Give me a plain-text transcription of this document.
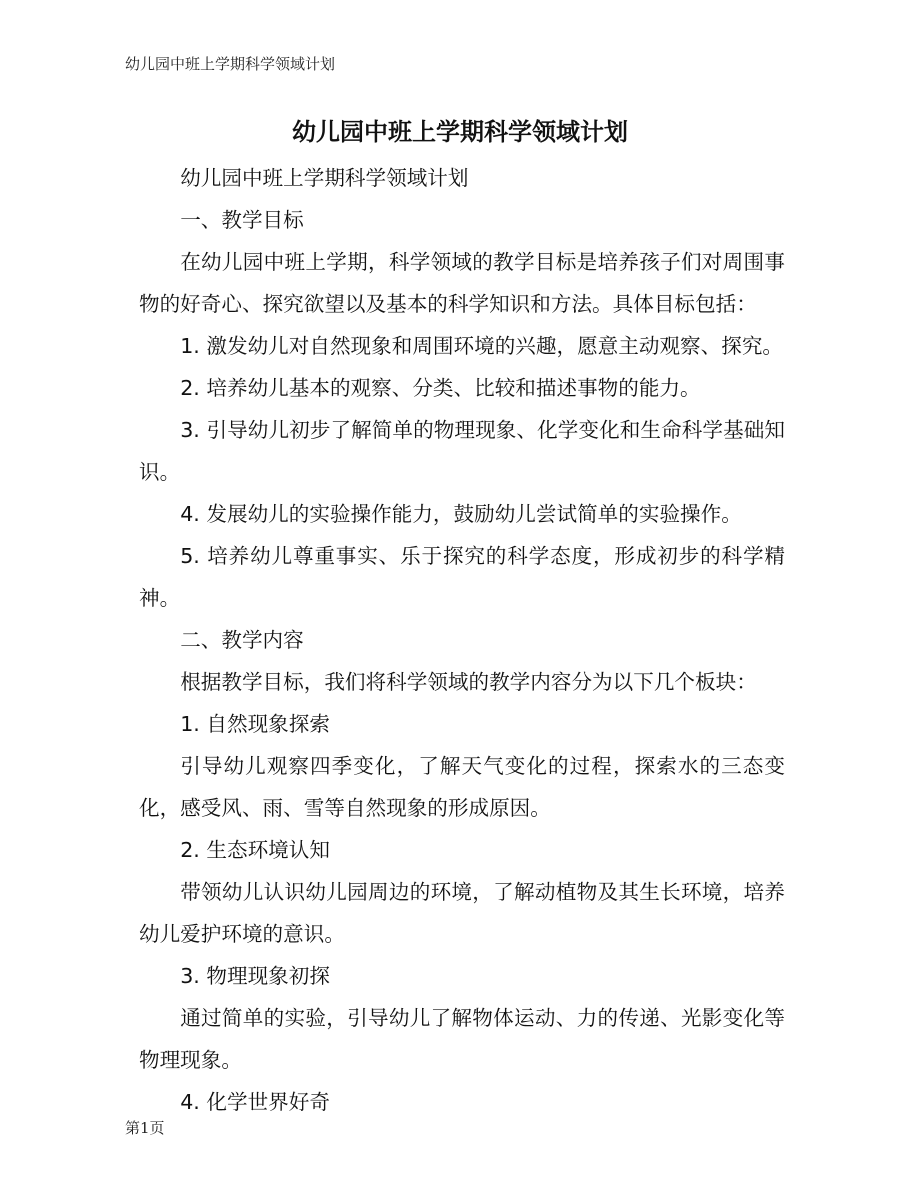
幼儿园中班上学期科学领域计划
幼儿园中班上学期科学领域计划

幼儿园中班上学期科学领域计划

一、教学目标

在幼儿园中班上学期，科学领域的教学目标是培养孩子们对周围事物的好奇心、探究欲望以及基本的科学知识和方法。具体目标包括：

1. 激发幼儿对自然现象和周围环境的兴趣，愿意主动观察、探究。

2. 培养幼儿基本的观察、分类、比较和描述事物的能力。

3. 引导幼儿初步了解简单的物理现象、化学变化和生命科学基础知识。

4. 发展幼儿的实验操作能力，鼓励幼儿尝试简单的实验操作。

5. 培养幼儿尊重事实、乐于探究的科学态度，形成初步的科学精神。

二、教学内容

根据教学目标，我们将科学领域的教学内容分为以下几个板块：

1. 自然现象探索

引导幼儿观察四季变化，了解天气变化的过程，探索水的三态变化，感受风、雨、雪等自然现象的形成原因。

2. 生态环境认知

带领幼儿认识幼儿园周边的环境，了解动植物及其生长环境，培养幼儿爱护环境的意识。

3. 物理现象初探

通过简单的实验，引导幼儿了解物体运动、力的传递、光影变化等物理现象。

4. 化学世界好奇

第1页
